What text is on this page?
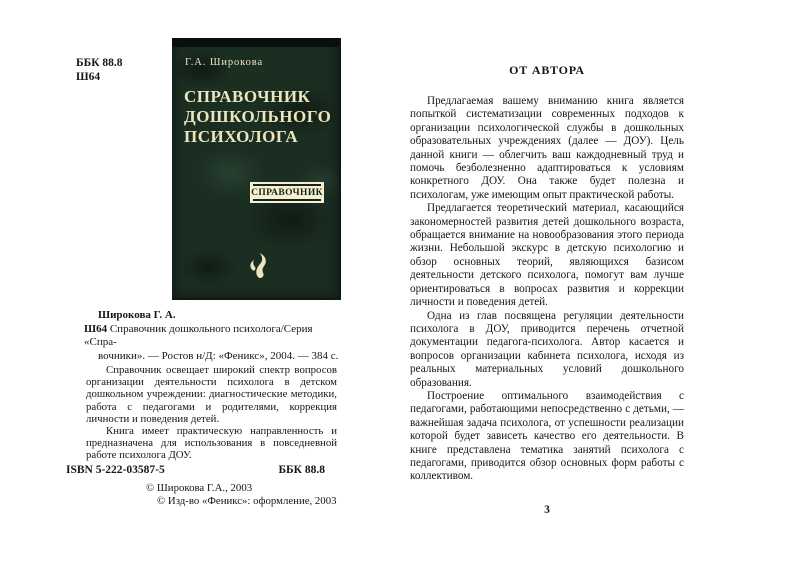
ББК 88.8
Ш64
Г.А. Широкова
СПРАВОЧНИК
ДОШКОЛЬНОГО
ПСИХОЛОГА
СПРАВОЧНИК
Широкова Г. А.
Ш64 Справочник дошкольного психолога/Серия «Спра-
вочники». — Ростов н/Д: «Феникс», 2004. — 384 с.

Справочник освещает широкий спектр вопросов организации деятельности психолога в детском дошкольном учреждении: диагностические методики, работа с педагогами и родителями, коррекция личности и поведения детей.

Книга имеет практическую направленность и предназначена для использования в повседневной работе психолога ДОУ.

ISBN 5-222-03587-5	ББК 88.8
© Широкова Г.А., 2003
© Изд-во «Феникс»: оформление, 2003
ОТ АВТОРА

Предлагаемая вашему вниманию книга является попыткой систематизации современных подходов к организации психологической службы в дошкольных образовательных учреждениях (далее — ДОУ). Цель данной книги — облегчить ваш каждодневный труд и помочь безболезненно адаптироваться к условиям конкретного ДОУ. Она также будет полезна и психологам, уже имеющим опыт практической работы.

Предлагается теоретический материал, касающийся закономерностей развития детей дошкольного возраста, обращается внимание на новообразования этого периода жизни. Небольшой экскурс в детскую психологию и обзор основных теорий, являющихся базисом деятельности детского психолога, помогут вам лучше ориентироваться в вопросах развития и коррекции личности и поведения детей.

Одна из глав посвящена регуляции деятельности психолога в ДОУ, приводится перечень отчетной документации педагога-психолога. Автор касается и вопросов организации кабинета психолога, исходя из реальных материальных условий дошкольного образования.

Построение оптимального взаимодействия с педагогами, работающими непосредственно с детьми, — важнейшая задача психолога, от успешности реализации которой будет зависеть качество его деятельности. В книге представлена тематика занятий психолога с педагогами, приводится обзор основных форм работы с коллективом.

3
